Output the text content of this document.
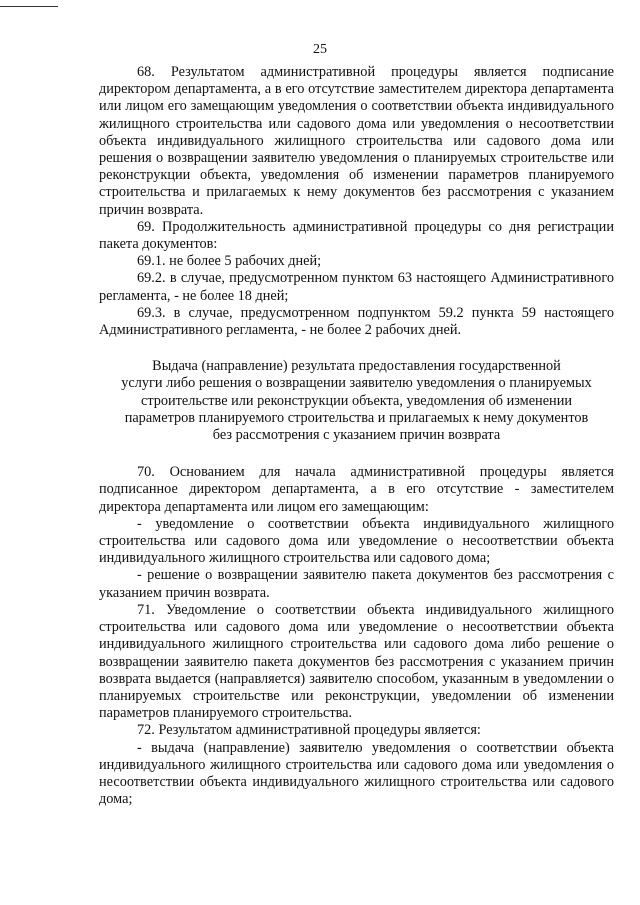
25

68. Результатом административной процедуры является подписание директором департамента, а в его отсутствие заместителем директора департамента или лицом его замещающим уведомления о соответствии объекта индивидуального жилищного строительства или садового дома или уведомления о несоответствии объекта индивидуального жилищного строительства или садового дома или решения о возвращении заявителю уведомления о планируемых строительстве или реконструкции объекта, уведомления об изменении параметров планируемого строительства и прилагаемых к нему документов без рассмотрения с указанием причин возврата.

69. Продолжительность административной процедуры со дня регистрации пакета документов:

69.1. не более 5 рабочих дней;

69.2. в случае, предусмотренном пунктом 63 настоящего Административного регламента, - не более 18 дней;

69.3. в случае, предусмотренном подпунктом 59.2 пункта 59 настоящего Административного регламента, - не более 2 рабочих дней.

Выдача (направление) результата предоставления государственной
услуги либо решения о возвращении заявителю уведомления о планируемых
строительстве или реконструкции объекта, уведомления об изменении
параметров планируемого строительства и прилагаемых к нему документов
без рассмотрения с указанием причин возврата

70. Основанием для начала административной процедуры является подписанное директором департамента, а в его отсутствие - заместителем директора департамента или лицом его замещающим:

- уведомление о соответствии объекта индивидуального жилищного строительства или садового дома или уведомление о несоответствии объекта индивидуального жилищного строительства или садового дома;

- решение о возвращении заявителю пакета документов без рассмотрения с указанием причин возврата.

71. Уведомление о соответствии объекта индивидуального жилищного строительства или садового дома или уведомление о несоответствии объекта индивидуального жилищного строительства или садового дома либо решение о возвращении заявителю пакета документов без рассмотрения с указанием причин возврата выдается (направляется) заявителю способом, указанным в уведомлении о планируемых строительстве или реконструкции, уведомлении об изменении параметров планируемого строительства.

72. Результатом административной процедуры является:

- выдача (направление) заявителю уведомления о соответствии объекта индивидуального жилищного строительства или садового дома или уведомления о несоответствии объекта индивидуального жилищного строительства или садового дома;
